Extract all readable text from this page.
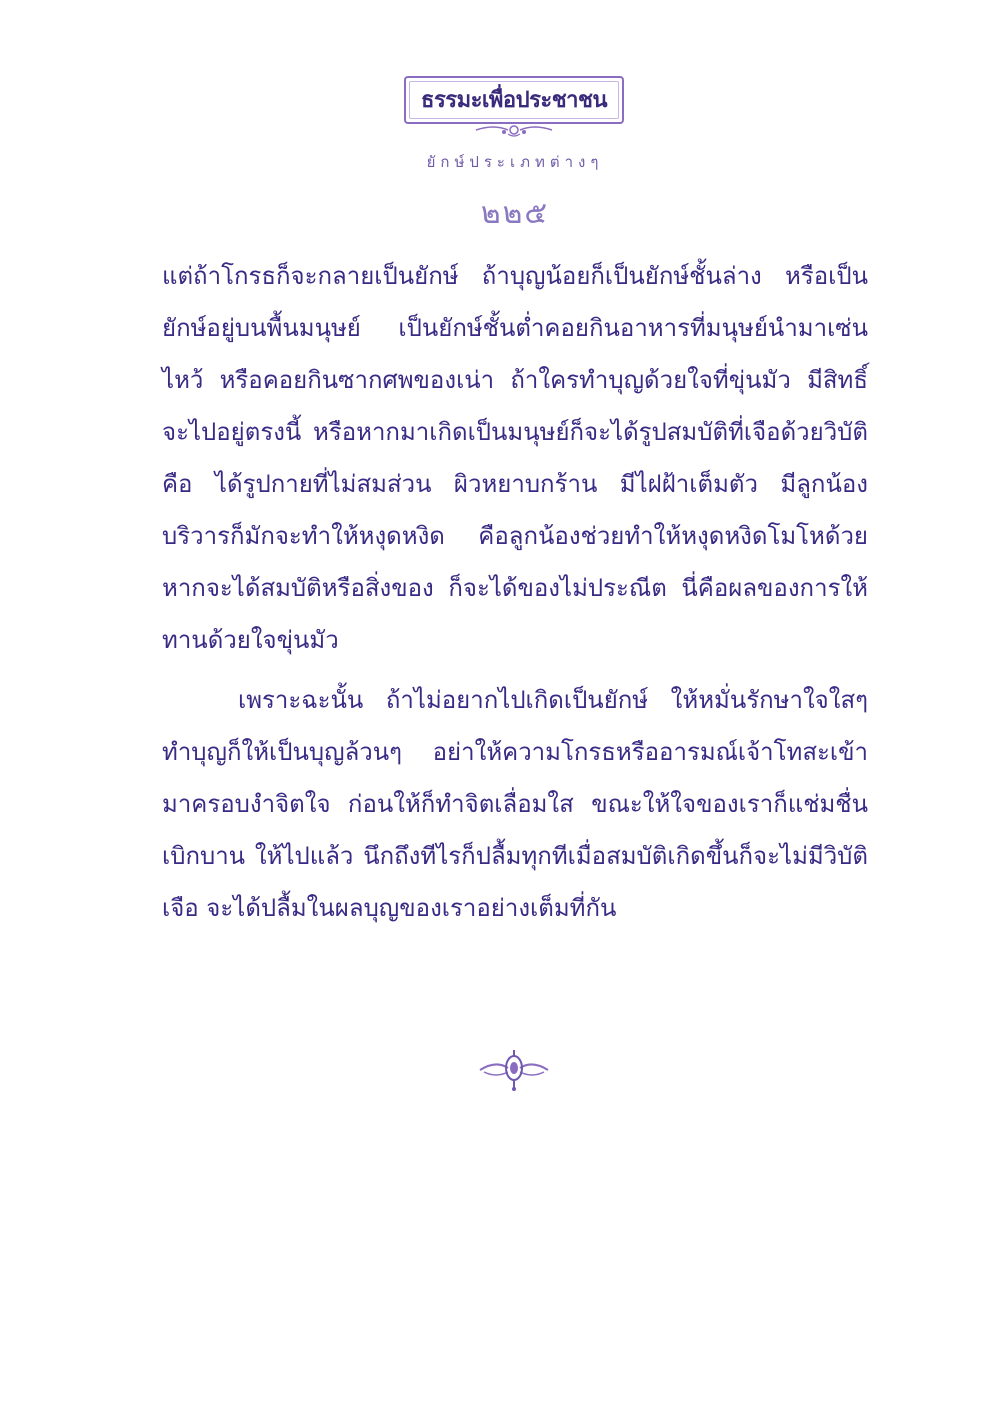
ธรรมะเพื่อประชาชน
ยักษ์ประเภทต่างๆ
๒๒๕

แต่ถ้าโกรธก็จะกลายเป็นยักษ์ ถ้าบุญน้อยก็เป็นยักษ์ชั้นล่าง หรือเป็นยักษ์อยู่บนพื้นมนุษย์ เป็นยักษ์ชั้นต่ำคอยกินอาหารที่มนุษย์นำมาเซ่นไหว้ หรือคอยกินซากศพของเน่า ถ้าใครทำบุญด้วยใจที่ขุ่นมัว มีสิทธิ์จะไปอยู่ตรงนี้ หรือหากมาเกิดเป็นมนุษย์ก็จะได้รูปสมบัติที่เจือด้วยวิบัติ คือ ได้รูปกายที่ไม่สมส่วน ผิวหยาบกร้าน มีไฝฝ้าเต็มตัว มีลูกน้องบริวารก็มักจะทำให้หงุดหงิด คือลูกน้องช่วยทำให้หงุดหงิดโมโหด้วย หากจะได้สมบัติหรือสิ่งของ ก็จะได้ของไม่ประณีต นี่คือผลของการให้ทานด้วยใจขุ่นมัว

เพราะฉะนั้น ถ้าไม่อยากไปเกิดเป็นยักษ์ ให้หมั่นรักษาใจใสๆ ทำบุญก็ให้เป็นบุญล้วนๆ อย่าให้ความโกรธหรืออารมณ์เจ้าโทสะเข้ามาครอบงำจิตใจ ก่อนให้ก็ทำจิตเลื่อมใส ขณะให้ใจของเราก็แช่มชื่นเบิกบาน ให้ไปแล้ว นึกถึงทีไรก็ปลื้มทุกทีเมื่อสมบัติเกิดขึ้นก็จะไม่มีวิบัติเจือ จะได้ปลื้มในผลบุญของเราอย่างเต็มที่กัน
